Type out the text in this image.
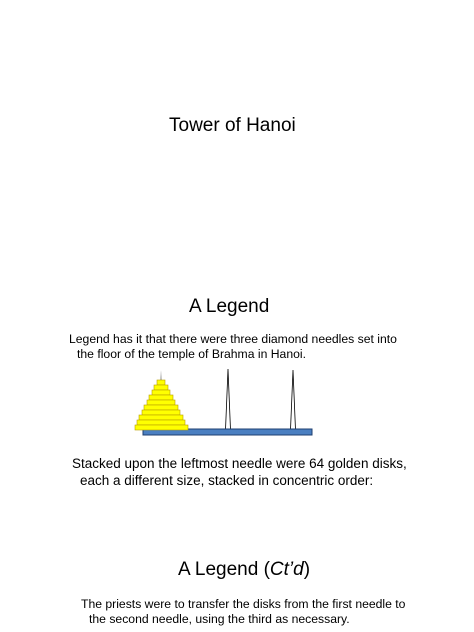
Tower of Hanoi
A Legend
Legend has it that there were three diamond needles set into
the floor of the temple of Brahma in Hanoi.
Stacked upon the leftmost needle were 64 golden disks,
each a different size, stacked in concentric order:
A Legend (Ct’d)
The priests were to transfer the disks from the first needle to
the second needle, using the third as necessary.
